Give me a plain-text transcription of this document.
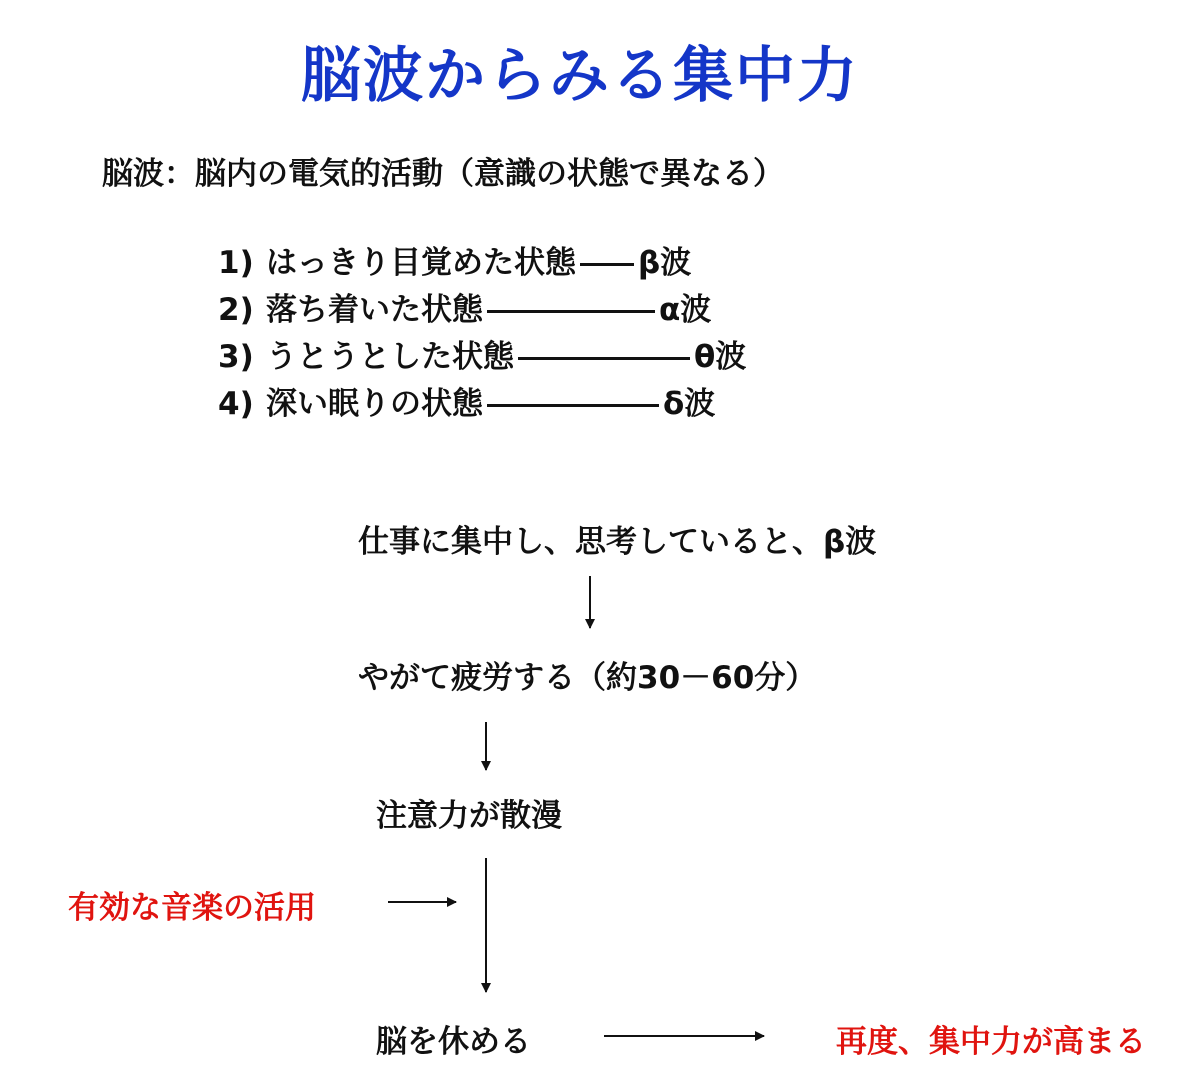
脳波からみる集中力
脳波：脳内の電気的活動（意識の状態で異なる）
1) はっきり目覚めた状態 β波
2) 落ち着いた状態	α波
3) うとうとした状態	θ波
4) 深い眠りの状態	δ波
仕事に集中し、思考していると、β波
やがて疲労する（約30－60分）
注意力が散漫
有効な音楽の活用
脳を休める	再度、集中力が高まる
